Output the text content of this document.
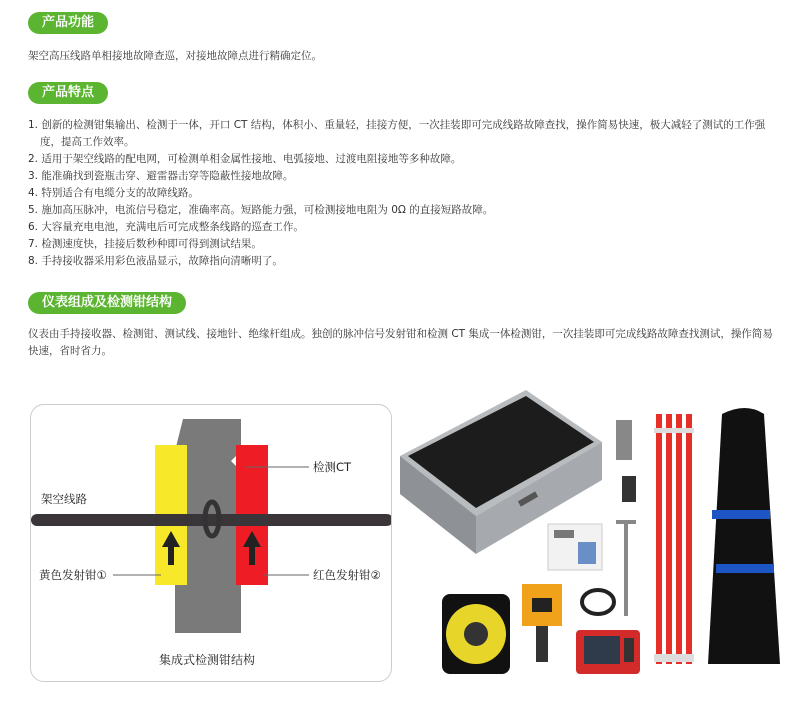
产品功能
架空高压线路单相接地故障查巡，对接地故障点进行精确定位。
产品特点
1. 创新的检测钳集输出、检测于一体，开口 CT 结构，体积小、重量轻，挂接方便，一次挂装即可完成线路故障查找，操作简易快速，极大减轻了测试的工作强度，提高工作效率。
2. 适用于架空线路的配电网，可检测单相金属性接地、电弧接地、过渡电阻接地等多种故障。
3. 能准确找到瓷瓶击穿、避雷器击穿等隐蔽性接地故障。
4. 特别适合有电缆分支的故障线路。
5. 施加高压脉冲，电流信号稳定，准确率高。短路能力强，可检测接地电阻为 0Ω 的直接短路故障。
6. 大容量充电电池，充满电后可完成整条线路的巡查工作。
7. 检测速度快，挂接后数秒种即可得到测试结果。
8. 手持接收器采用彩色液晶显示，故障指向清晰明了。
仪表组成及检测钳结构
仪表由手持接收器、检测钳、测试线、接地针、绝缘杆组成。独创的脉冲信号发射钳和检测 CT 集成一体检测钳，一次挂装即可完成线路故障查找测试，操作简易快速，省时省力。
检测CT
架空线路
黄色发射钳①	红色发射钳②
集成式检测钳结构
